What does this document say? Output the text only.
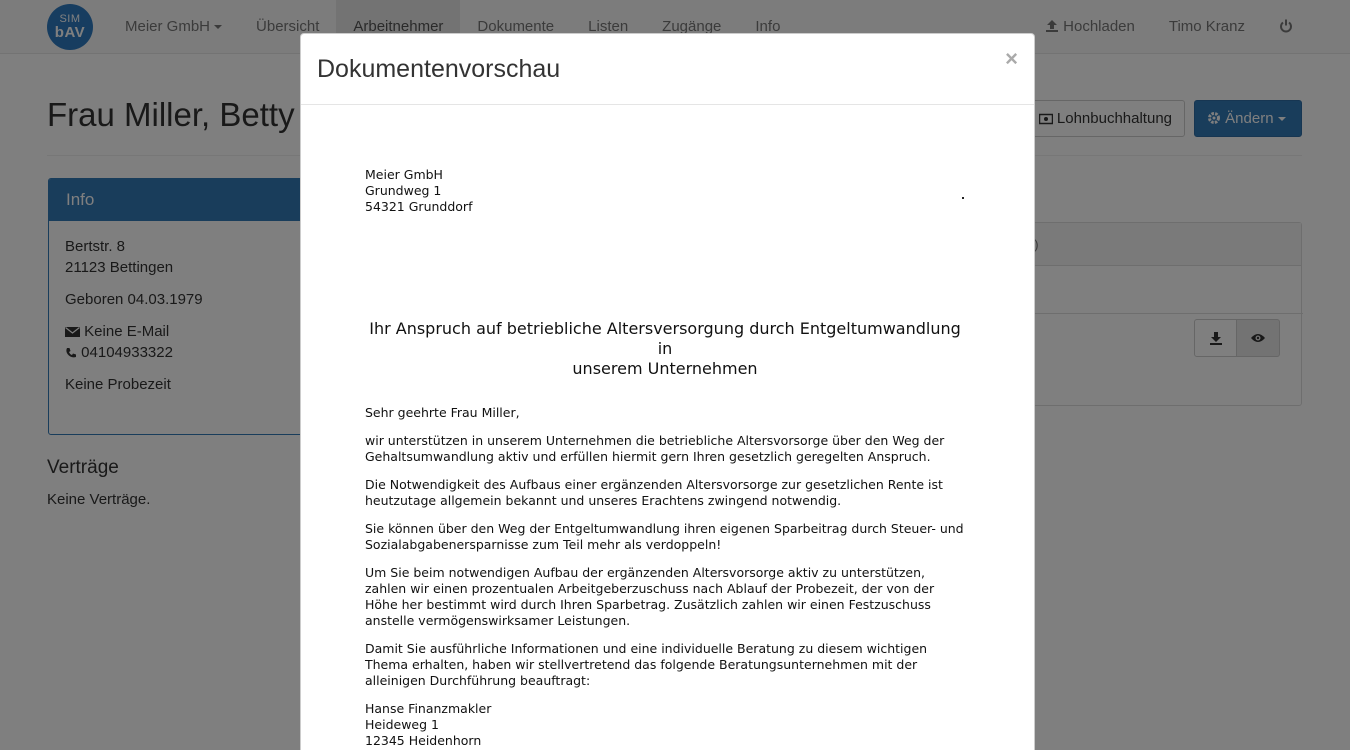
Dokumentenvorschau	×
Meier GmbH
Grundweg 1
54321 Grunddorf
Ihr Anspruch auf betriebliche Altersversorgung durch Entgeltumwandlung in
unserem Unternehmen

Sehr geehrte Frau Miller,

wir unterstützen in unserem Unternehmen die betriebliche Altersvorsorge über den Weg der Gehaltsumwandlung aktiv und erfüllen hiermit gern Ihren gesetzlich geregelten Anspruch.

Die Notwendigkeit des Aufbaus einer ergänzenden Altersvorsorge zur gesetzlichen Rente ist heutzutage allgemein bekannt und unseres Erachtens zwingend notwendig.

Sie können über den Weg der Entgeltumwandlung ihren eigenen Sparbeitrag durch Steuer- und Sozialabgabenersparnisse zum Teil mehr als verdoppeln!

Um Sie beim notwendigen Aufbau der ergänzenden Altersvorsorge aktiv zu unterstützen, zahlen wir einen prozentualen Arbeitgeberzuschuss nach Ablauf der Probezeit, der von der Höhe her bestimmt wird durch Ihren Sparbetrag. Zusätzlich zahlen wir einen Festzuschuss anstelle vermögenswirksamer Leistungen.

Damit Sie ausführliche Informationen und eine individuelle Beratung zu diesem wichtigen Thema erhalten, haben wir stellvertretend das folgende Beratungsunternehmen mit der alleinigen Durchführung beauftragt:

Hanse Finanzmakler
Heideweg 1
12345 Heidenhorn
